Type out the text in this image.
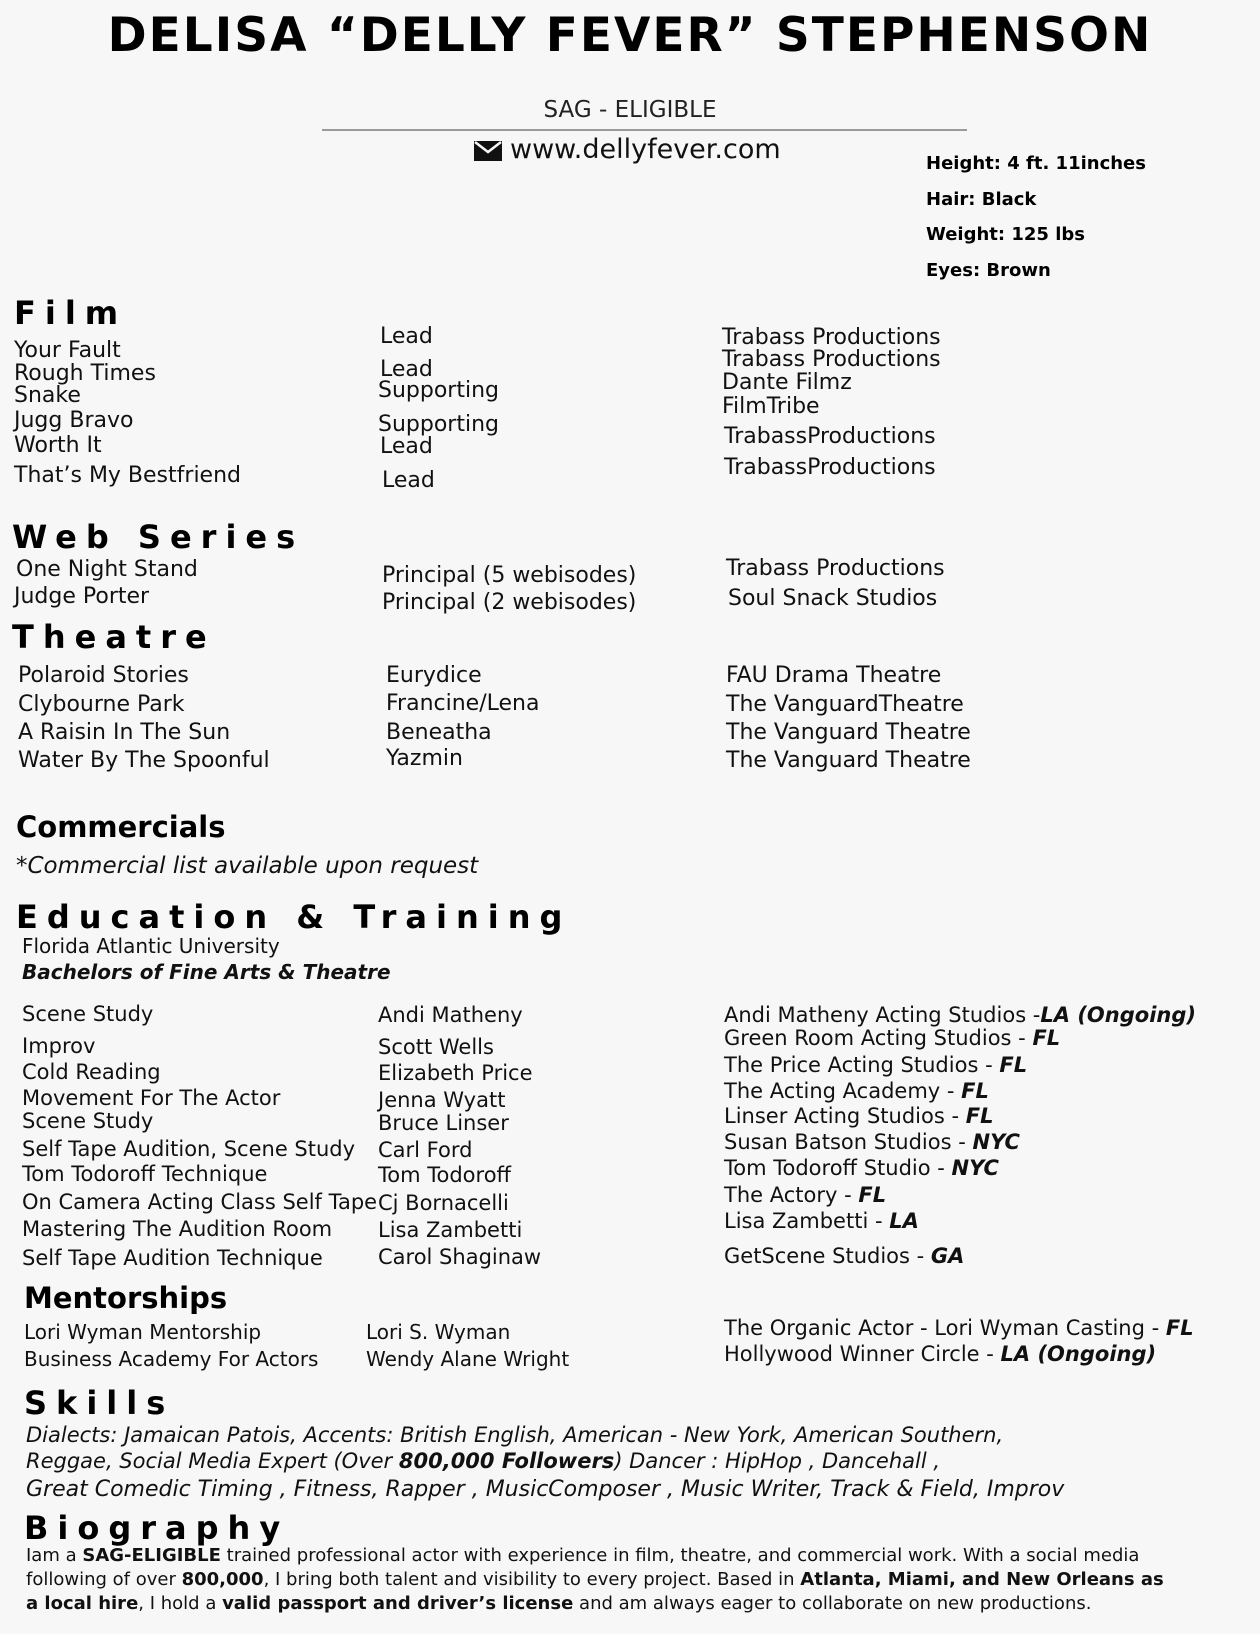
DELISA “DELLY FEVER” STEPHENSON
SAG - ELIGIBLE
www.dellyfever.com	Height: 4 ft. 11inches
Hair: Black
Weight: 125 lbs
Eyes: Brown
Film
Your Fault
Rough Times
Snake
Jugg Bravo
Worth It
That’s My Bestfriend
Lead
Lead
Supporting
Supporting
Lead
Lead
Trabass Productions
Trabass Productions
Dante Filmz
FilmTribe
TrabassProductions
TrabassProductions
Web Series
One Night Stand
Judge Porter
Principal (5 webisodes)
Principal (2 webisodes)
Trabass Productions
Soul Snack Studios
Theatre
Polaroid Stories
Clybourne Park
A Raisin In The Sun
Water By The Spoonful
Eurydice
Francine/Lena
Beneatha
Yazmin
FAU Drama Theatre
The VanguardTheatre
The Vanguard Theatre
The Vanguard Theatre
Commercials
*Commercial list available upon request
Education & Training
Florida Atlantic University
Bachelors of Fine Arts & Theatre
Scene Study
Improv
Cold Reading
Movement For The Actor
Scene Study
Self Tape Audition, Scene Study
Tom Todoroff Technique
On Camera Acting Class Self Tape
Mastering The Audition Room
Self Tape Audition Technique
Andi Matheny
Scott Wells
Elizabeth Price
Jenna Wyatt
Bruce Linser
Carl Ford
Tom Todoroff
Cj Bornacelli
Lisa Zambetti
Carol Shaginaw
Andi Matheny Acting Studios -LA (Ongoing)
Green Room Acting Studios - FL
The Price Acting Studios - FL
The Acting Academy - FL
Linser Acting Studios - FL
Susan Batson Studios - NYC
Tom Todoroff Studio - NYC
The Actory - FL
Lisa Zambetti - LA
GetScene Studios - GA
Mentorships
Lori Wyman Mentorship
Business Academy For Actors
Lori S. Wyman
Wendy Alane Wright
The Organic Actor - Lori Wyman Casting - FL
Hollywood Winner Circle - LA (Ongoing)
Skills
Dialects: Jamaican Patois, Accents: British English, American - New York, American Southern,
Reggae, Social Media Expert (Over 800,000 Followers) Dancer : HipHop , Dancehall ,
Great Comedic Timing , Fitness, Rapper , MusicComposer , Music Writer, Track & Field, Improv
Biography
Iam a SAG-ELIGIBLE trained professional actor with experience in film, theatre, and commercial work. With a social media following of over 800,000, I bring both talent and visibility to every project. Based in Atlanta, Miami, and New Orleans as a local hire, I hold a valid passport and driver’s license and am always eager to collaborate on new productions.
